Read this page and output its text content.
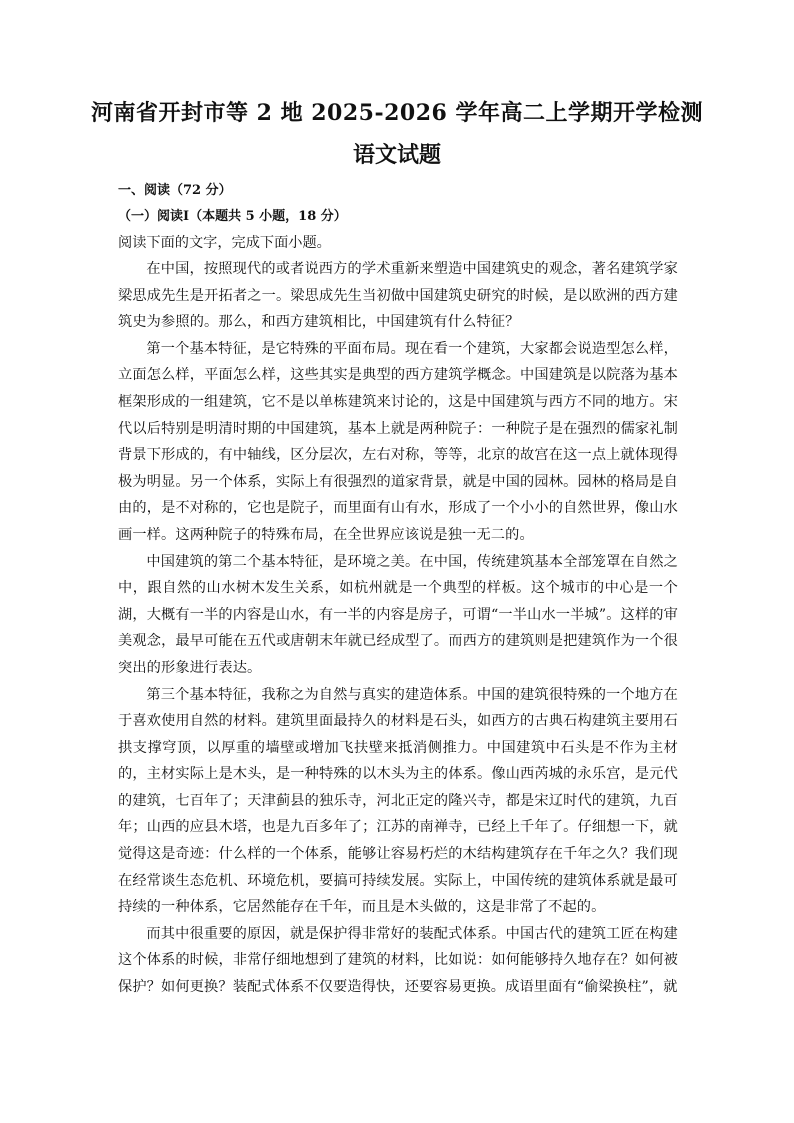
河南省开封市等 2 地 2025-2026 学年高二上学期开学检测
语文试题
一、阅读（72 分）
（一）阅读Ⅰ（本题共 5 小题，18 分）
阅读下面的文字，完成下面小题。

在中国，按照现代的或者说西方的学术重新来塑造中国建筑史的观念，著名建筑学家梁思成先生是开拓者之一。梁思成先生当初做中国建筑史研究的时候，是以欧洲的西方建筑史为参照的。那么，和西方建筑相比，中国建筑有什么特征？

第一个基本特征，是它特殊的平面布局。现在看一个建筑，大家都会说造型怎么样，立面怎么样，平面怎么样，这些其实是典型的西方建筑学概念。中国建筑是以院落为基本框架形成的一组建筑，它不是以单栋建筑来讨论的，这是中国建筑与西方不同的地方。宋代以后特别是明清时期的中国建筑，基本上就是两种院子：一种院子是在强烈的儒家礼制背景下形成的，有中轴线，区分层次，左右对称，等等，北京的故宫在这一点上就体现得极为明显。另一个体系，实际上有很强烈的道家背景，就是中国的园林。园林的格局是自由的，是不对称的，它也是院子，而里面有山有水，形成了一个小小的自然世界，像山水画一样。这两种院子的特殊布局，在全世界应该说是独一无二的。

中国建筑的第二个基本特征，是环境之美。在中国，传统建筑基本全部笼罩在自然之中，跟自然的山水树木发生关系，如杭州就是一个典型的样板。这个城市的中心是一个湖，大概有一半的内容是山水，有一半的内容是房子，可谓“一半山水一半城”。这样的审美观念，最早可能在五代或唐朝末年就已经成型了。而西方的建筑则是把建筑作为一个很突出的形象进行表达。

第三个基本特征，我称之为自然与真实的建造体系。中国的建筑很特殊的一个地方在于喜欢使用自然的材料。建筑里面最持久的材料是石头，如西方的古典石构建筑主要用石拱支撑穹顶，以厚重的墙壁或增加飞扶壁来抵消侧推力。中国建筑中石头是不作为主材的，主材实际上是木头，是一种特殊的以木头为主的体系。像山西芮城的永乐宫，是元代的建筑，七百年了；天津蓟县的独乐寺，河北正定的隆兴寺，都是宋辽时代的建筑，九百年；山西的应县木塔，也是九百多年了；江苏的南禅寺，已经上千年了。仔细想一下，就觉得这是奇迹：什么样的一个体系，能够让容易朽烂的木结构建筑存在千年之久？我们现在经常谈生态危机、环境危机，要搞可持续发展。实际上，中国传统的建筑体系就是最可持续的一种体系，它居然能存在千年，而且是木头做的，这是非常了不起的。

而其中很重要的原因，就是保护得非常好的装配式体系。中国古代的建筑工匠在构建这个体系的时候，非常仔细地想到了建筑的材料，比如说：如何能够持久地存在？如何被保护？如何更换？装配式体系不仅要造得快，还要容易更换。成语里面有“偷梁换柱”，就
